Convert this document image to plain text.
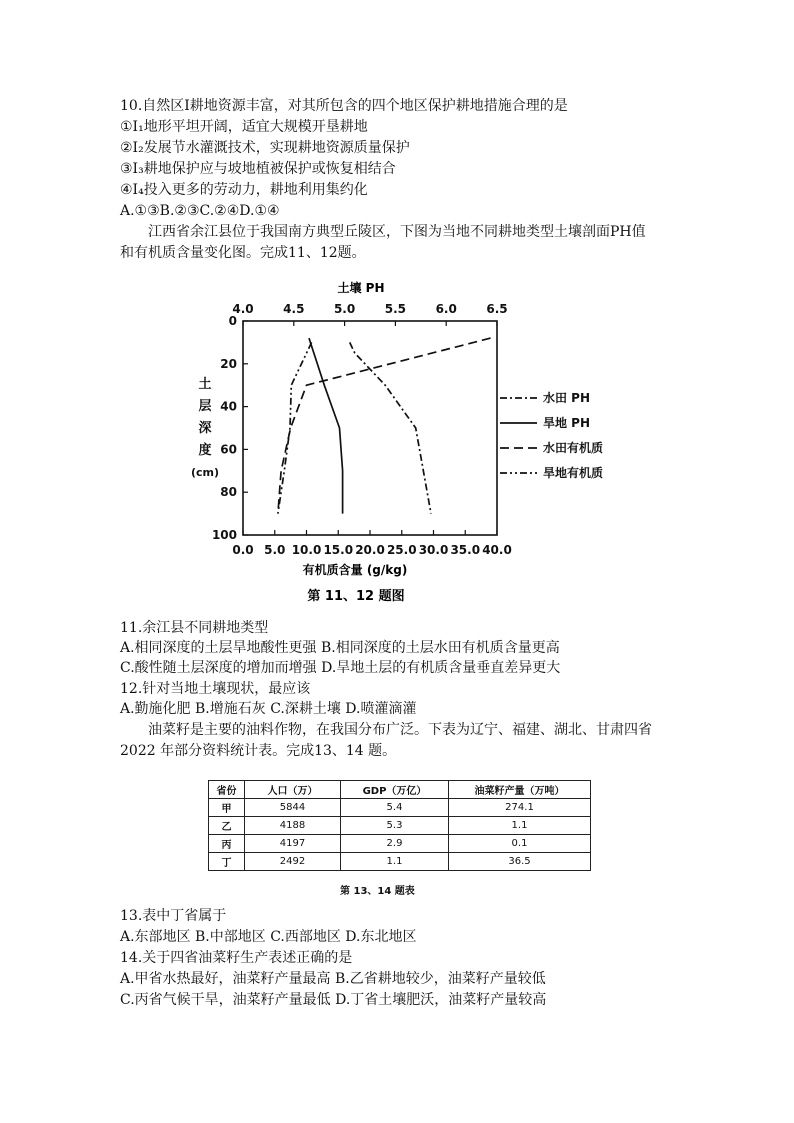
10.自然区Ⅰ耕地资源丰富，对其所包含的四个地区保护耕地措施合理的是
①I₁地形平坦开阔，适宜大规模开垦耕地
②I₂发展节水灌溉技术，实现耕地资源质量保护
③I₃耕地保护应与坡地植被保护或恢复相结合
④I₄投入更多的劳动力，耕地利用集约化
A.①③B.②③C.②④D.①④
江西省余江县位于我国南方典型丘陵区，下图为当地不同耕地类型土壤剖面PH值
和有机质含量变化图。完成11、12题。
土壤 PH
有机质含量 (g/kg)
土
层
深
度
(cm)
0
20
40
60
80
100
4.0 4.5 5.0 5.5 6.0 6.5
0.0 5.0 10.0 15.0 20.0 25.0 30.0 35.0 40.0
水田 PH
旱地 PH
水田有机质
旱地有机质
第 11、12 题图
11.余江县不同耕地类型
A.相同深度的土层旱地酸性更强 B.相同深度的土层水田有机质含量更高
C.酸性随土层深度的增加而增强 D.旱地土层的有机质含量垂直差异更大
12.针对当地土壤现状，最应该
A.勤施化肥 B.增施石灰 C.深耕土壤 D.喷灌滴灌
油菜籽是主要的油料作物，在我国分布广泛。下表为辽宁、福建、湖北、甘肃四省
2022 年部分资料统计表。完成13、14 题。
省份	人口（万）	GDP（万亿）	油菜籽产量（万吨）
甲	5844	5.4	274.1
乙	4188	5.3	1.1
丙	4197	2.9	0.1
丁	2492	1.1	36.5
第 13、14 题表
13.表中丁省属于
A.东部地区 B.中部地区 C.西部地区 D.东北地区
14.关于四省油菜籽生产表述正确的是
A.甲省水热最好，油菜籽产量最高 B.乙省耕地较少，油菜籽产量较低
C.丙省气候干旱，油菜籽产量最低 D.丁省土壤肥沃，油菜籽产量较高
